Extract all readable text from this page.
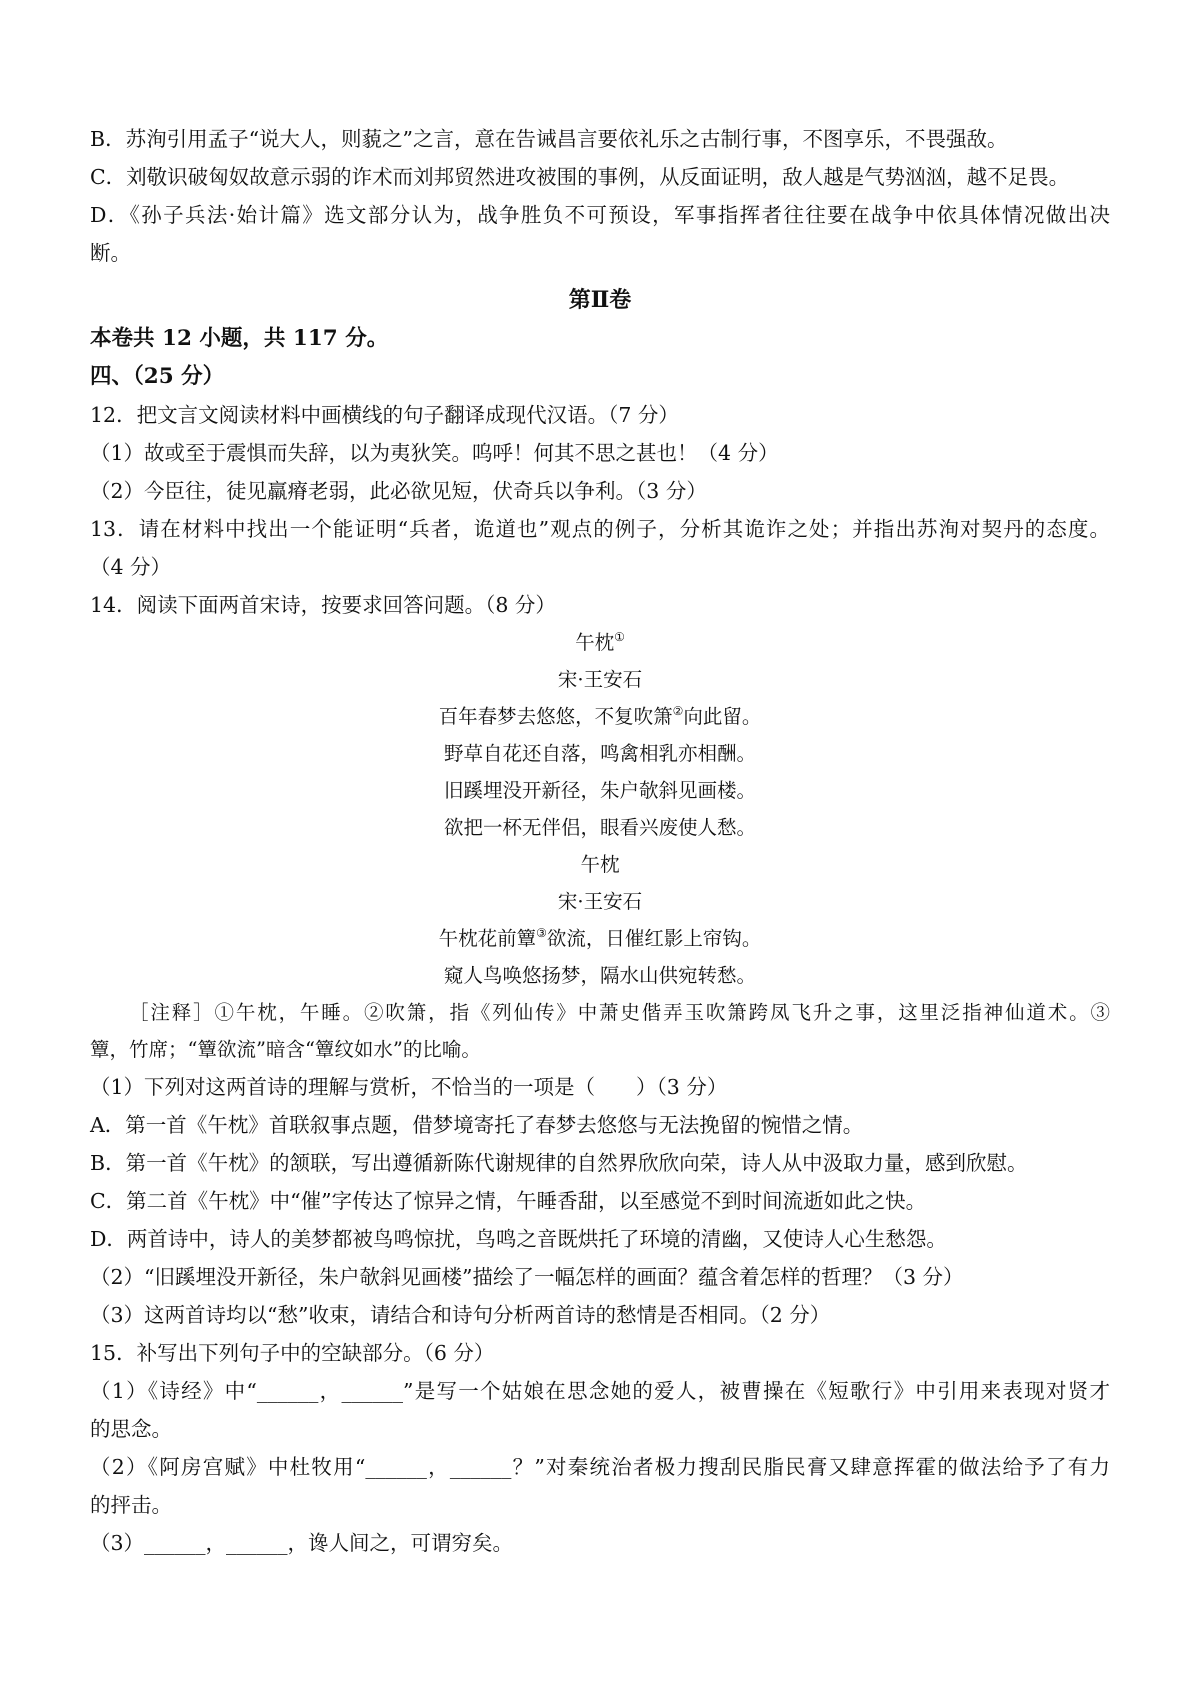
B．苏洵引用孟子“说大人，则藐之”之言，意在告诫昌言要依礼乐之古制行事，不图享乐，不畏强敌。

C．刘敬识破匈奴故意示弱的诈术而刘邦贸然进攻被围的事例，从反面证明，敌人越是气势汹汹，越不足畏。

D．《孙子兵法·始计篇》选文部分认为，战争胜负不可预设，军事指挥者往往要在战争中依具体情况做出决

断。

第Ⅱ卷

本卷共 12 小题，共 117 分。

四、（25 分）

12．把文言文阅读材料中画横线的句子翻译成现代汉语。（7 分）

（1）故或至于震惧而失辞，以为夷狄笑。呜呼！何其不思之甚也！（4 分）

（2）今臣往，徒见羸瘠老弱，此必欲见短，伏奇兵以争利。（3 分）

13．请在材料中找出一个能证明“兵者，诡道也”观点的例子，分析其诡诈之处；并指出苏洵对契丹的态度。

（4 分）

14．阅读下面两首宋诗，按要求回答问题。（8 分）

午枕①

宋·王安石

百年春梦去悠悠，不复吹箫②向此留。

野草自花还自落，鸣禽相乳亦相酬。

旧蹊埋没开新径，朱户欹斜见画楼。

欲把一杯无伴侣，眼看兴废使人愁。

午枕

宋·王安石

午枕花前簟③欲流，日催红影上帘钩。

窥人鸟唤悠扬梦，隔水山供宛转愁。

［注释］①午枕，午睡。②吹箫，指《列仙传》中萧史偕弄玉吹箫跨凤飞升之事，这里泛指神仙道术。③

簟，竹席；“簟欲流”暗含“簟纹如水”的比喻。

（1）下列对这两首诗的理解与赏析，不恰当的一项是（　　）（3 分）

A．第一首《午枕》首联叙事点题，借梦境寄托了春梦去悠悠与无法挽留的惋惜之情。

B．第一首《午枕》的颔联，写出遵循新陈代谢规律的自然界欣欣向荣，诗人从中汲取力量，感到欣慰。

C．第二首《午枕》中“催”字传达了惊异之情，午睡香甜，以至感觉不到时间流逝如此之快。

D．两首诗中，诗人的美梦都被鸟鸣惊扰，鸟鸣之音既烘托了环境的清幽，又使诗人心生愁怨。

（2）“旧蹊埋没开新径，朱户欹斜见画楼”描绘了一幅怎样的画面？蕴含着怎样的哲理？（3 分）

（3）这两首诗均以“愁”收束，请结合和诗句分析两首诗的愁情是否相同。（2 分）

15．补写出下列句子中的空缺部分。（6 分）

（1）《诗经》中“______，______”是写一个姑娘在思念她的爱人，被曹操在《短歌行》中引用来表现对贤才

的思念。

（2）《阿房宫赋》中杜牧用“______，______？”对秦统治者极力搜刮民脂民膏又肆意挥霍的做法给予了有力

的抨击。

（3）______，______，谗人间之，可谓穷矣。
